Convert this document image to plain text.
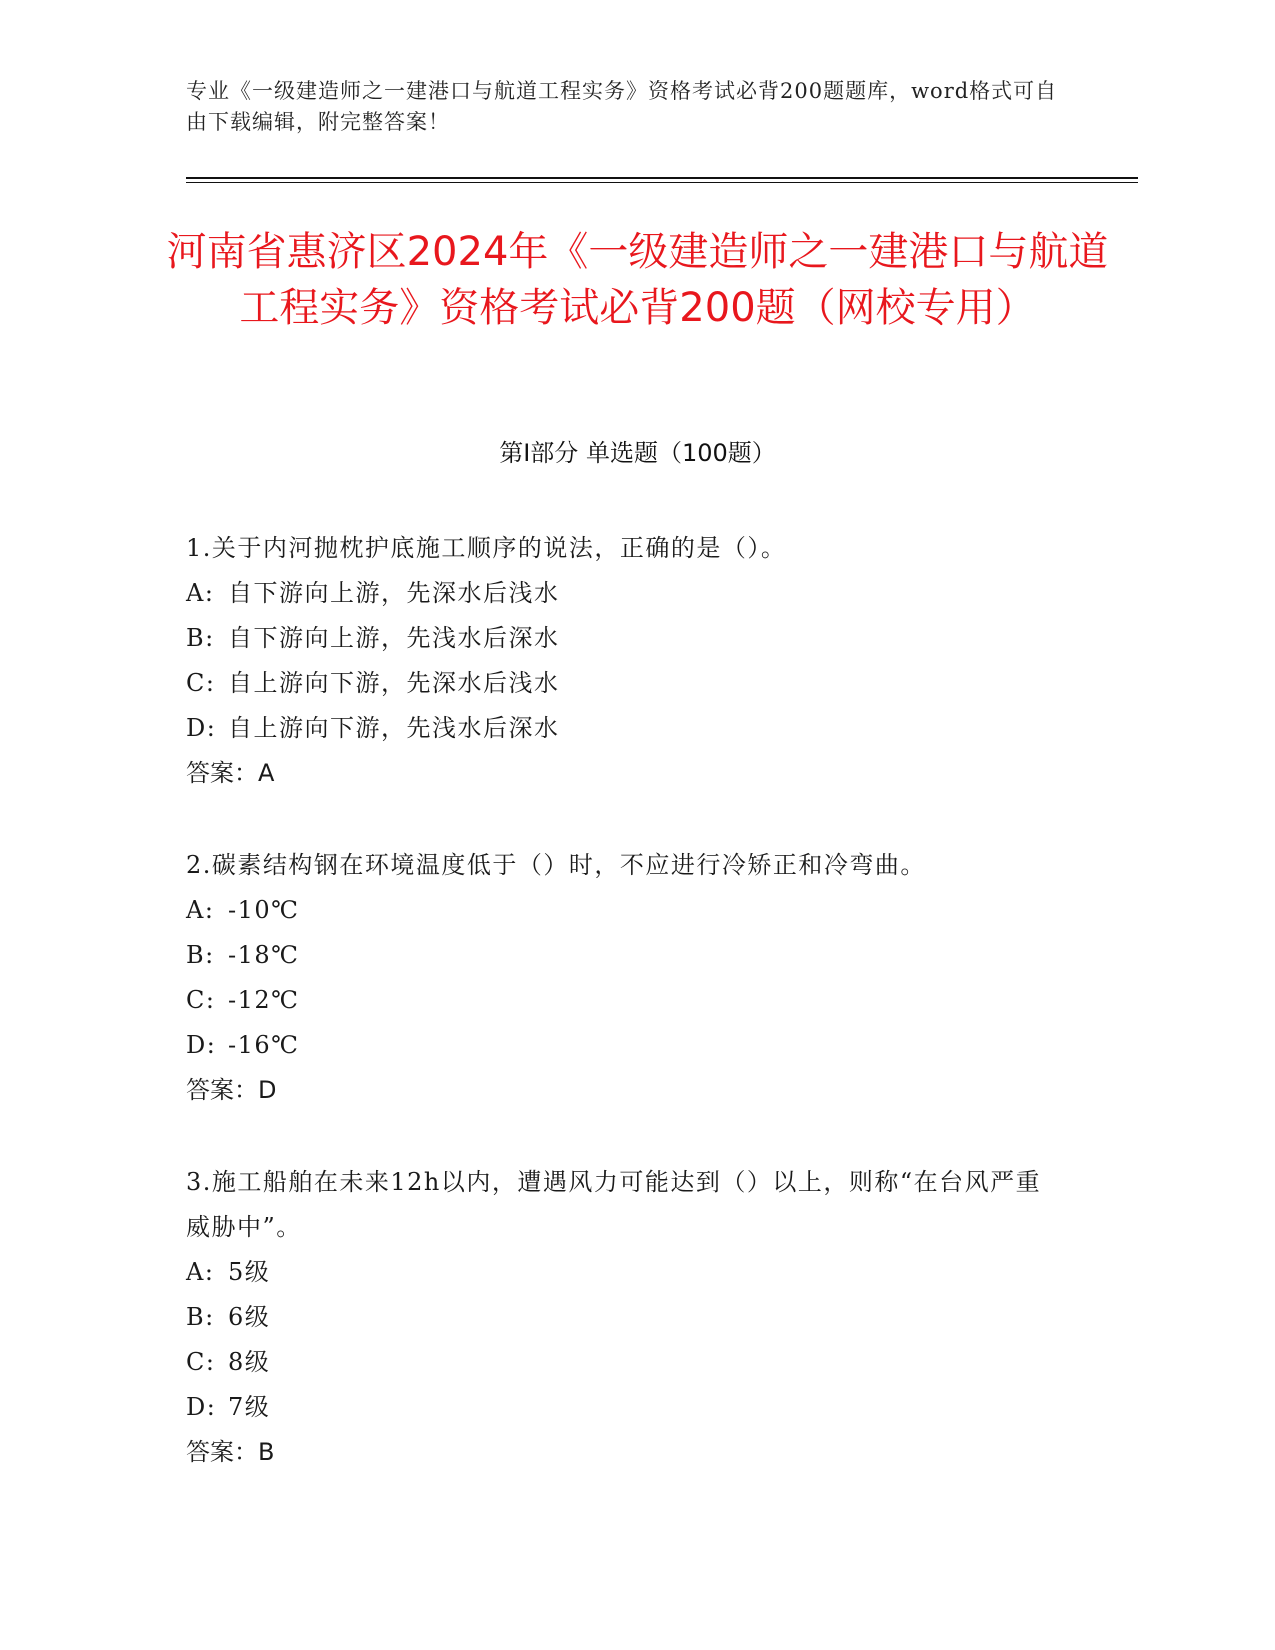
专业《一级建造师之一建港口与航道工程实务》资格考试必背200题题库，word格式可自由下载编辑，附完整答案！
河南省惠济区2024年《一级建造师之一建港口与航道工程实务》资格考试必背200题（网校专用）
第I部分 单选题（100题）

1.关于内河抛枕护底施工顺序的说法，正确的是（）。

A: 自下游向上游，先深水后浅水
B: 自下游向上游，先浅水后深水
C: 自上游向下游，先深水后浅水
D: 自上游向下游，先浅水后深水

答案：A

2.碳素结构钢在环境温度低于（）时，不应进行冷矫正和冷弯曲。

A: -10℃
B: -18℃
C: -12℃
D: -16℃

答案：D

3.施工船舶在未来12h以内，遭遇风力可能达到（）以上，则称“在台风严重威胁中”。

A: 5级
B: 6级
C: 8级
D: 7级

答案：B
